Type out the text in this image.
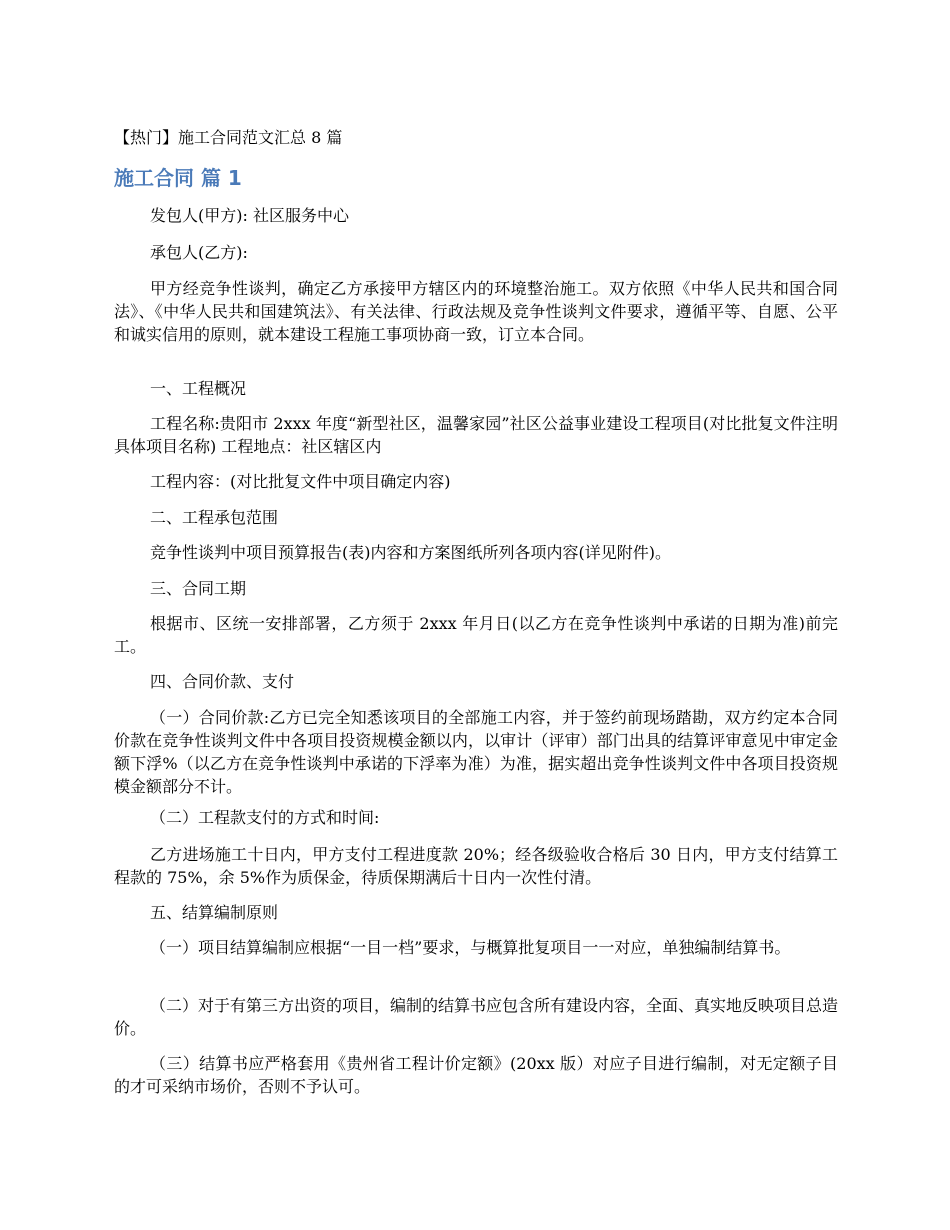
【热门】施工合同范文汇总 8 篇
施工合同 篇 1

发包人(甲方): 社区服务中心

承包人(乙方):

甲方经竞争性谈判，确定乙方承接甲方辖区内的环境整治施工。双方依照《中华人民共和国合同法》、《中华人民共和国建筑法》、有关法律、行政法规及竞争性谈判文件要求，遵循平等、自愿、公平和诚实信用的原则，就本建设工程施工事项协商一致，订立本合同。

一、工程概况

工程名称:贵阳市 2xxx 年度“新型社区，温馨家园”社区公益事业建设工程项目(对比批复文件注明具体项目名称) 工程地点：社区辖区内

工程内容：(对比批复文件中项目确定内容)

二、工程承包范围

竞争性谈判中项目预算报告(表)内容和方案图纸所列各项内容(详见附件)。

三、合同工期

根据市、区统一安排部署，乙方须于 2xxx 年月日(以乙方在竞争性谈判中承诺的日期为准)前完工。

四、合同价款、支付

（一）合同价款:乙方已完全知悉该项目的全部施工内容，并于签约前现场踏勘，双方约定本合同价款在竞争性谈判文件中各项目投资规模金额以内，以审计（评审）部门出具的结算评审意见中审定金额下浮%（以乙方在竞争性谈判中承诺的下浮率为准）为准，据实超出竞争性谈判文件中各项目投资规模金额部分不计。

（二）工程款支付的方式和时间:

乙方进场施工十日内，甲方支付工程进度款 20%；经各级验收合格后 30 日内，甲方支付结算工程款的 75%，余 5%作为质保金，待质保期满后十日内一次性付清。

五、结算编制原则

（一）项目结算编制应根据“一目一档”要求，与概算批复项目一一对应，单独编制结算书。

（二）对于有第三方出资的项目，编制的结算书应包含所有建设内容，全面、真实地反映项目总造价。

（三）结算书应严格套用《贵州省工程计价定额》(20xx 版）对应子目进行编制，对无定额子目的才可采纳市场价，否则不予认可。
